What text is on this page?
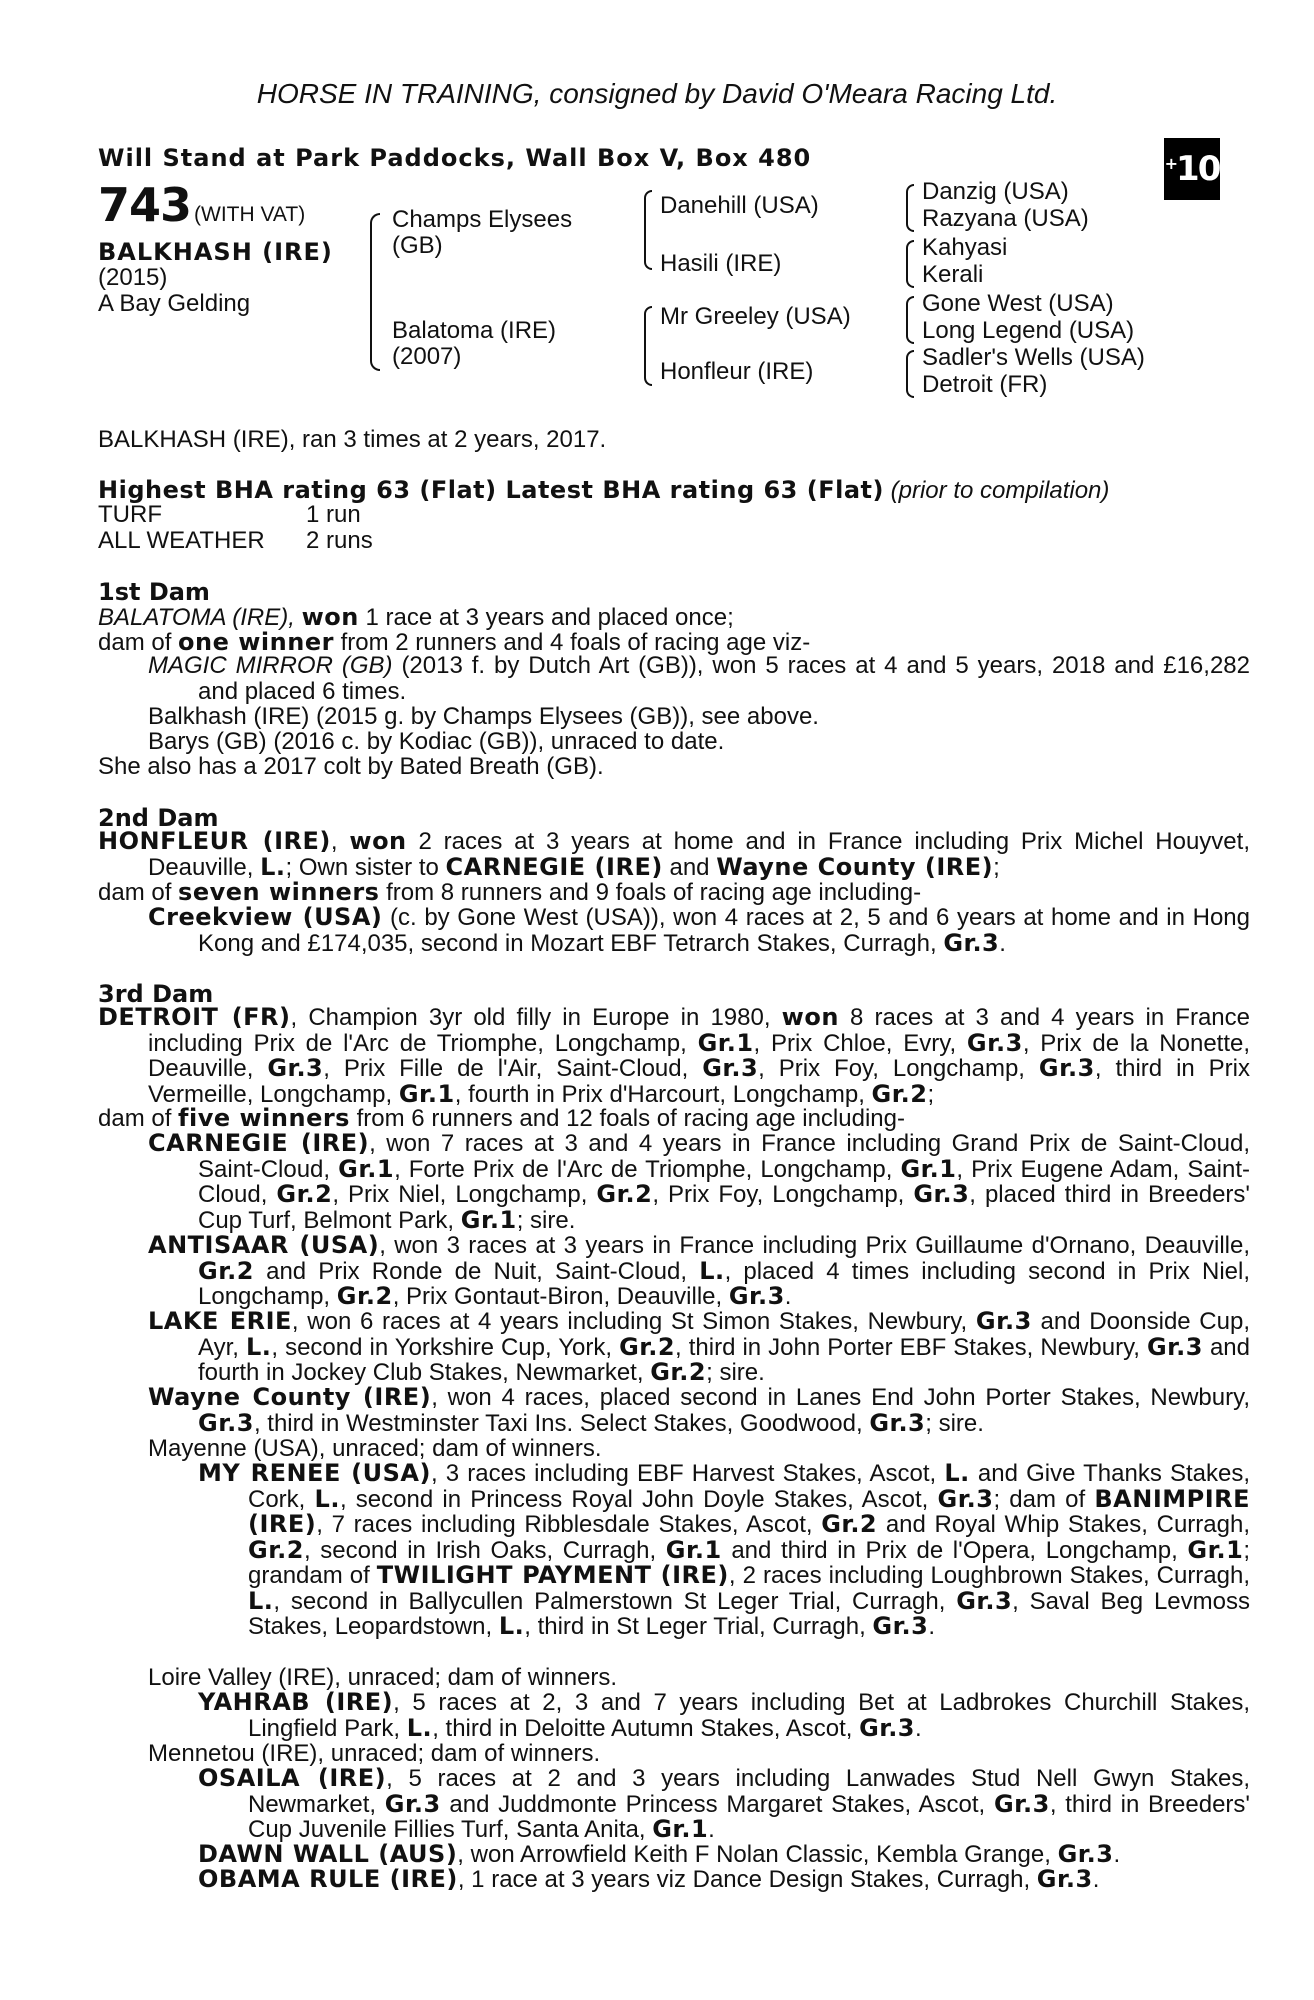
HORSE IN TRAINING, consigned by David O'Meara Racing Ltd.
Will Stand at Park Paddocks, Wall Box V, Box 480	+ 10
743 (WITH VAT)
BALKHASH (IRE)
(2015)
A Bay Gelding
Champs Elysees
(GB)
Balatoma (IRE)
(2007)
Danehill (USA)
Hasili (IRE)
Mr Greeley (USA)
Honfleur (IRE)
Danzig (USA)
Razyana (USA)
Kahyasi
Kerali
Gone West (USA)
Long Legend (USA)
Sadler's Wells (USA)
Detroit (FR)
BALKHASH (IRE), ran 3 times at 2 years, 2017.
Highest BHA rating 63 (Flat) Latest BHA rating 63 (Flat) (prior to compilation)
TURF	1 run
ALL WEATHER 2 runs
1st Dam
BALATOMA (IRE), won 1 race at 3 years and placed once;
dam of one winner from 2 runners and 4 foals of racing age viz-
MAGIC MIRROR (GB) (2013 f. by Dutch Art (GB)), won 5 races at 4 and 5 years, 2018 and £16,282 and placed 6 times.
Balkhash (IRE) (2015 g. by Champs Elysees (GB)), see above.
Barys (GB) (2016 c. by Kodiac (GB)), unraced to date.
She also has a 2017 colt by Bated Breath (GB).
2nd Dam
HONFLEUR (IRE), won 2 races at 3 years at home and in France including Prix Michel Houyvet, Deauville, L.; Own sister to CARNEGIE (IRE) and Wayne County (IRE);
dam of seven winners from 8 runners and 9 foals of racing age including-
Creekview (USA) (c. by Gone West (USA)), won 4 races at 2, 5 and 6 years at home and in Hong Kong and £174,035, second in Mozart EBF Tetrarch Stakes, Curragh, Gr.3.
3rd Dam
DETROIT (FR), Champion 3yr old filly in Europe in 1980, won 8 races at 3 and 4 years in France including Prix de l'Arc de Triomphe, Longchamp, Gr.1, Prix Chloe, Evry, Gr.3, Prix de la Nonette, Deauville, Gr.3, Prix Fille de l'Air, Saint-Cloud, Gr.3, Prix Foy, Longchamp, Gr.3, third in Prix Vermeille, Longchamp, Gr.1, fourth in Prix d'Harcourt, Longchamp, Gr.2;
dam of five winners from 6 runners and 12 foals of racing age including-
CARNEGIE (IRE), won 7 races at 3 and 4 years in France including Grand Prix de Saint-Cloud, Saint-Cloud, Gr.1, Forte Prix de l'Arc de Triomphe, Longchamp, Gr.1, Prix Eugene Adam, Saint-Cloud, Gr.2, Prix Niel, Longchamp, Gr.2, Prix Foy, Longchamp, Gr.3, placed third in Breeders' Cup Turf, Belmont Park, Gr.1; sire.
ANTISAAR (USA), won 3 races at 3 years in France including Prix Guillaume d'Ornano, Deauville, Gr.2 and Prix Ronde de Nuit, Saint-Cloud, L., placed 4 times including second in Prix Niel, Longchamp, Gr.2, Prix Gontaut-Biron, Deauville, Gr.3.
LAKE ERIE, won 6 races at 4 years including St Simon Stakes, Newbury, Gr.3 and Doonside Cup, Ayr, L., second in Yorkshire Cup, York, Gr.2, third in John Porter EBF Stakes, Newbury, Gr.3 and fourth in Jockey Club Stakes, Newmarket, Gr.2; sire.
Wayne County (IRE), won 4 races, placed second in Lanes End John Porter Stakes, Newbury, Gr.3, third in Westminster Taxi Ins. Select Stakes, Goodwood, Gr.3; sire.
Mayenne (USA), unraced; dam of winners.
MY RENEE (USA), 3 races including EBF Harvest Stakes, Ascot, L. and Give Thanks Stakes, Cork, L., second in Princess Royal John Doyle Stakes, Ascot, Gr.3; dam of BANIMPIRE (IRE), 7 races including Ribblesdale Stakes, Ascot, Gr.2 and Royal Whip Stakes, Curragh, Gr.2, second in Irish Oaks, Curragh, Gr.1 and third in Prix de l'Opera, Longchamp, Gr.1; grandam of TWILIGHT PAYMENT (IRE), 2 races including Loughbrown Stakes, Curragh, L., second in Ballycullen Palmerstown St Leger Trial, Curragh, Gr.3, Saval Beg Levmoss Stakes, Leopardstown, L., third in St Leger Trial, Curragh, Gr.3.
Loire Valley (IRE), unraced; dam of winners.
YAHRAB (IRE), 5 races at 2, 3 and 7 years including Bet at Ladbrokes Churchill Stakes, Lingfield Park, L., third in Deloitte Autumn Stakes, Ascot, Gr.3.
Mennetou (IRE), unraced; dam of winners.
OSAILA (IRE), 5 races at 2 and 3 years including Lanwades Stud Nell Gwyn Stakes, Newmarket, Gr.3 and Juddmonte Princess Margaret Stakes, Ascot, Gr.3, third in Breeders' Cup Juvenile Fillies Turf, Santa Anita, Gr.1.
DAWN WALL (AUS), won Arrowfield Keith F Nolan Classic, Kembla Grange, Gr.3.
OBAMA RULE (IRE), 1 race at 3 years viz Dance Design Stakes, Curragh, Gr.3.
